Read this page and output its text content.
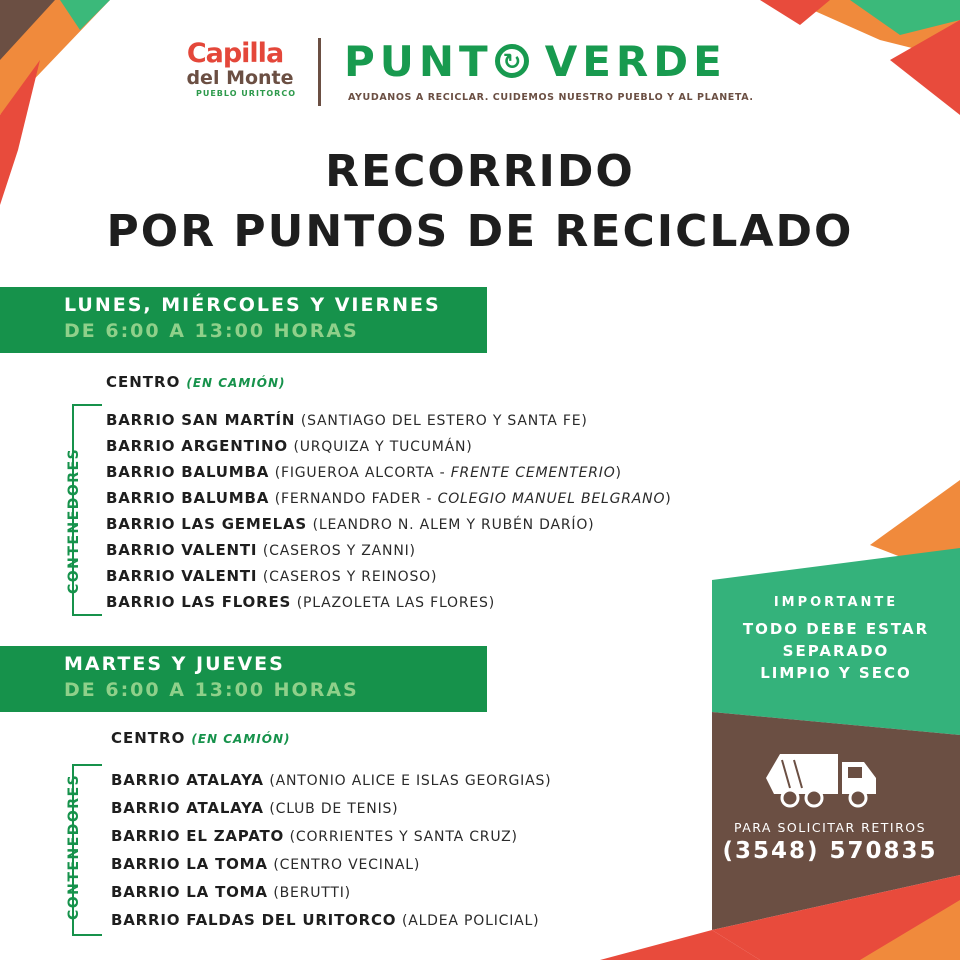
Capilla
del Monte
PUEBLO URITORCO
PUNT↻ VERDE
AYUDANOS A RECICLAR. CUIDEMOS NUESTRO PUEBLO Y AL PLANETA.
RECORRIDO
POR PUNTOS DE RECICLADO
LUNES, MIÉRCOLES Y VIERNES
DE 6:00 A 13:00 HORAS
CENTRO (EN CAMIÓN)
CONTENEDORES
BARRIO SAN MARTÍN (SANTIAGO DEL ESTERO Y SANTA FE)
BARRIO ARGENTINO (URQUIZA Y TUCUMÁN)
BARRIO BALUMBA (FIGUEROA ALCORTA - FRENTE CEMENTERIO)
BARRIO BALUMBA (FERNANDO FADER - COLEGIO MANUEL BELGRANO)
BARRIO LAS GEMELAS (LEANDRO N. ALEM Y RUBÉN DARÍO)
BARRIO VALENTI (CASEROS Y ZANNI)
BARRIO VALENTI (CASEROS Y REINOSO)
BARRIO LAS FLORES (PLAZOLETA LAS FLORES)
MARTES Y JUEVES
DE 6:00 A 13:00 HORAS
CENTRO (EN CAMIÓN)
CONTENEDORES BARRIO ATALAYA (ANTONIO ALICE E ISLAS GEORGIAS)
BARRIO ATALAYA (CLUB DE TENIS)
BARRIO EL ZAPATO (CORRIENTES Y SANTA CRUZ)
BARRIO LA TOMA (CENTRO VECINAL)
BARRIO LA TOMA (BERUTTI)
BARRIO FALDAS DEL URITORCO (ALDEA POLICIAL)
IMPORTANTE
TODO DEBE ESTAR
SEPARADO
LIMPIO Y SECO
PARA SOLICITAR RETIROS
(3548) 570835
